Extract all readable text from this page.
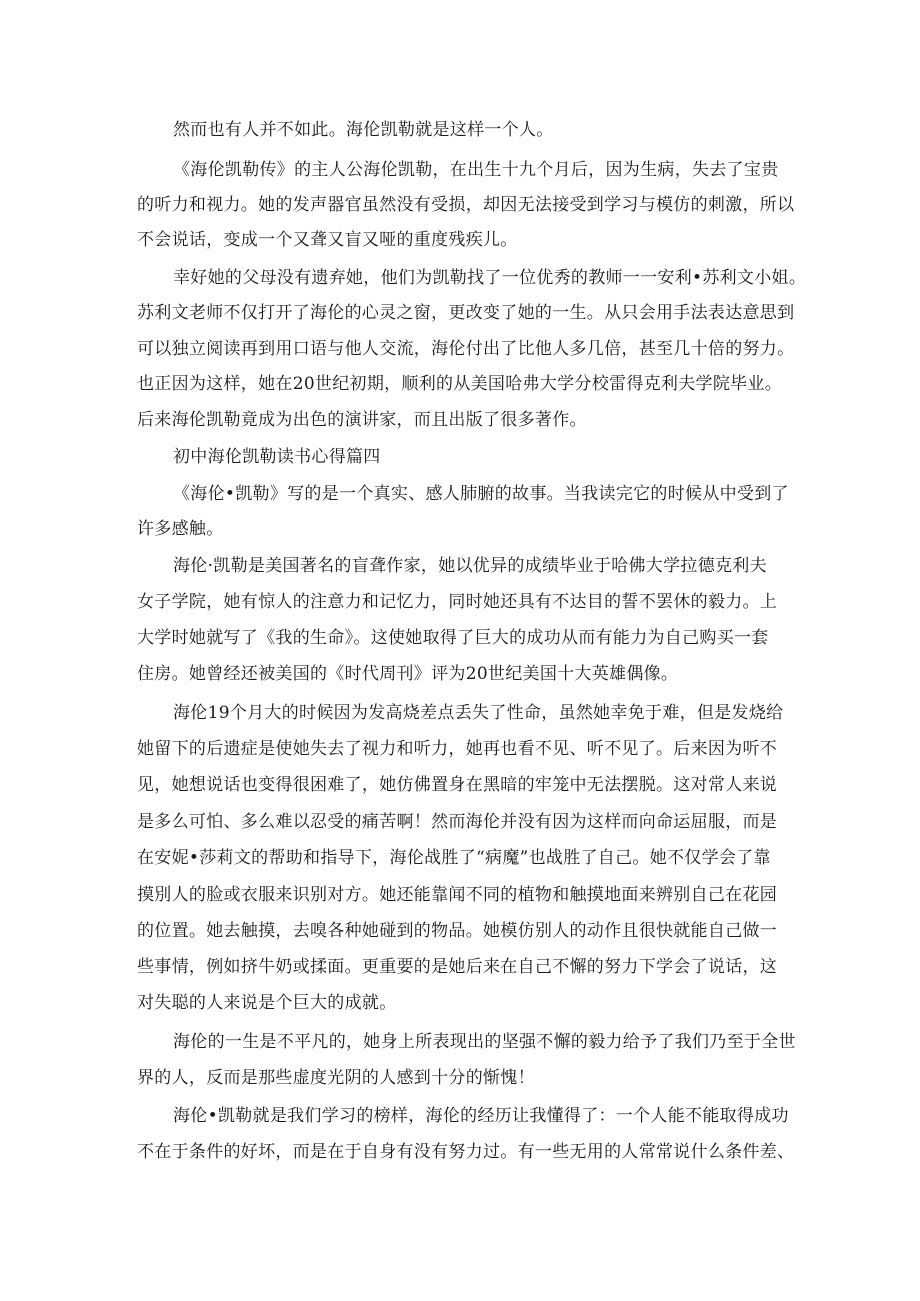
然而也有人并不如此。海伦凯勒就是这样一个人。
《海伦凯勒传》的主人公海伦凯勒，在出生十九个月后，因为生病，失去了宝贵
的听力和视力。她的发声器官虽然没有受损，却因无法接受到学习与模仿的刺激，所以
不会说话，变成一个又聋又盲又哑的重度残疾儿。
幸好她的父母没有遗弃她，他们为凯勒找了一位优秀的教师一一安利•苏利文小姐。
苏利文老师不仅打开了海伦的心灵之窗，更改变了她的一生。从只会用手法表达意思到
可以独立阅读再到用口语与他人交流，海伦付出了比他人多几倍，甚至几十倍的努力。
也正因为这样，她在20世纪初期，顺利的从美国哈弗大学分校雷得克利夫学院毕业。
后来海伦凯勒竟成为出色的演讲家，而且出版了很多著作。
初中海伦凯勒读书心得篇四
《海伦•凯勒》写的是一个真实、感人肺腑的故事。当我读完它的时候从中受到了
许多感触。
海伦·凯勒是美国著名的盲聋作家，她以优异的成绩毕业于哈佛大学拉德克利夫
女子学院，她有惊人的注意力和记忆力，同时她还具有不达目的誓不罢休的毅力。上
大学时她就写了《我的生命》。这使她取得了巨大的成功从而有能力为自己购买一套
住房。她曾经还被美国的《时代周刊》评为20世纪美国十大英雄偶像。
海伦19个月大的时候因为发高烧差点丢失了性命，虽然她幸免于难，但是发烧给
她留下的后遗症是使她失去了视力和听力，她再也看不见、听不见了。后来因为听不
见，她想说话也变得很困难了，她仿佛置身在黑暗的牢笼中无法摆脱。这对常人来说
是多么可怕、多么难以忍受的痛苦啊！然而海伦并没有因为这样而向命运屈服，而是
在安妮•莎莉文的帮助和指导下，海伦战胜了“病魔”也战胜了自己。她不仅学会了靠
摸別人的脸或衣服来识别对方。她还能靠闻不同的植物和触摸地面来辨别自己在花园
的位置。她去触摸，去嗅各种她碰到的物品。她模仿别人的动作且很快就能自己做一
些事情，例如挤牛奶或揉面。更重要的是她后来在自己不懈的努力下学会了说话，这
对失聪的人来说是个巨大的成就。
海伦的一生是不平凡的，她身上所表现出的坚强不懈的毅力给予了我们乃至于全世
界的人，反而是那些虚度光阴的人感到十分的惭愧！
海伦•凯勒就是我们学习的榜样，海伦的经历让我懂得了：一个人能不能取得成功
不在于条件的好坏，而是在于自身有没有努力过。有一些无用的人常常说什么条件差、
